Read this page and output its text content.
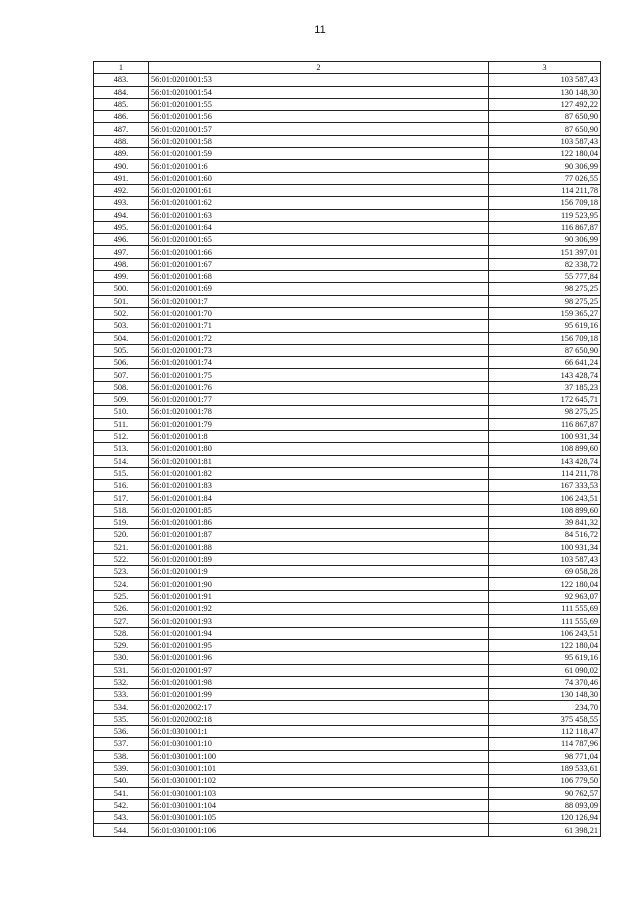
11
1	2	3
483.	56:01:0201001:53	103 587,43
484.	56:01:0201001:54	130 148,30
485.	56:01:0201001:55	127 492,22
486.	56:01:0201001:56	87 650,90
487.	56:01:0201001:57	87 650,90
488.	56:01:0201001:58	103 587,43
489.	56:01:0201001:59	122 180,04
490.	56:01:0201001:6	90 306,99
491.	56:01:0201001:60	77 026,55
492.	56:01:0201001:61	114 211,78
493.	56:01:0201001:62	156 709,18
494.	56:01:0201001:63	119 523,95
495.	56:01:0201001:64	116 867,87
496.	56:01:0201001:65	90 306,99
497.	56:01:0201001:66	151 397,01
498.	56:01:0201001:67	82 338,72
499.	56:01:0201001:68	55 777,84
500.	56:01:0201001:69	98 275,25
501.	56:01:0201001:7	98 275,25
502.	56:01:0201001:70	159 365,27
503.	56:01:0201001:71	95 619,16
504.	56:01:0201001:72	156 709,18
505.	56:01:0201001:73	87 650,90
506.	56:01:0201001:74	66 641,24
507.	56:01:0201001:75	143 428,74
508.	56:01:0201001:76	37 185,23
509.	56:01:0201001:77	172 645,71
510.	56:01:0201001:78	98 275,25
511.	56:01:0201001:79	116 867,87
512.	56:01:0201001:8	100 931,34
513.	56:01:0201001:80	108 899,60
514.	56:01:0201001:81	143 428,74
515.	56:01:0201001:82	114 211,78
516.	56:01:0201001:83	167 333,53
517.	56:01:0201001:84	106 243,51
518.	56:01:0201001:85	108 899,60
519.	56:01:0201001:86	39 841,32
520.	56:01:0201001:87	84 516,72
521.	56:01:0201001:88	100 931,34
522.	56:01:0201001:89	103 587,43
523.	56:01:0201001:9	69 058,28
524.	56:01:0201001:90	122 180,04
525.	56:01:0201001:91	92 963,07
526.	56:01:0201001:92	111 555,69
527.	56:01:0201001:93	111 555,69
528.	56:01:0201001:94	106 243,51
529.	56:01:0201001:95	122 180,04
530.	56:01:0201001:96	95 619,16
531.	56:01:0201001:97	61 090,02
532.	56:01:0201001:98	74 370,46
533.	56:01:0201001:99	130 148,30
534.	56:01:0202002:17	234,70
535.	56:01:0202002:18	375 458,55
536.	56:01:0301001:1	112 118,47
537.	56:01:0301001:10	114 787,96
538.	56:01:0301001:100	98 771,04
539.	56:01:0301001:101	189 533,61
540.	56:01:0301001:102	106 779,50
541.	56:01:0301001:103	90 762,57
542.	56:01:0301001:104	88 093,09
543.	56:01:0301001:105	120 126,94
544.	56:01:0301001:106	61 398,21
